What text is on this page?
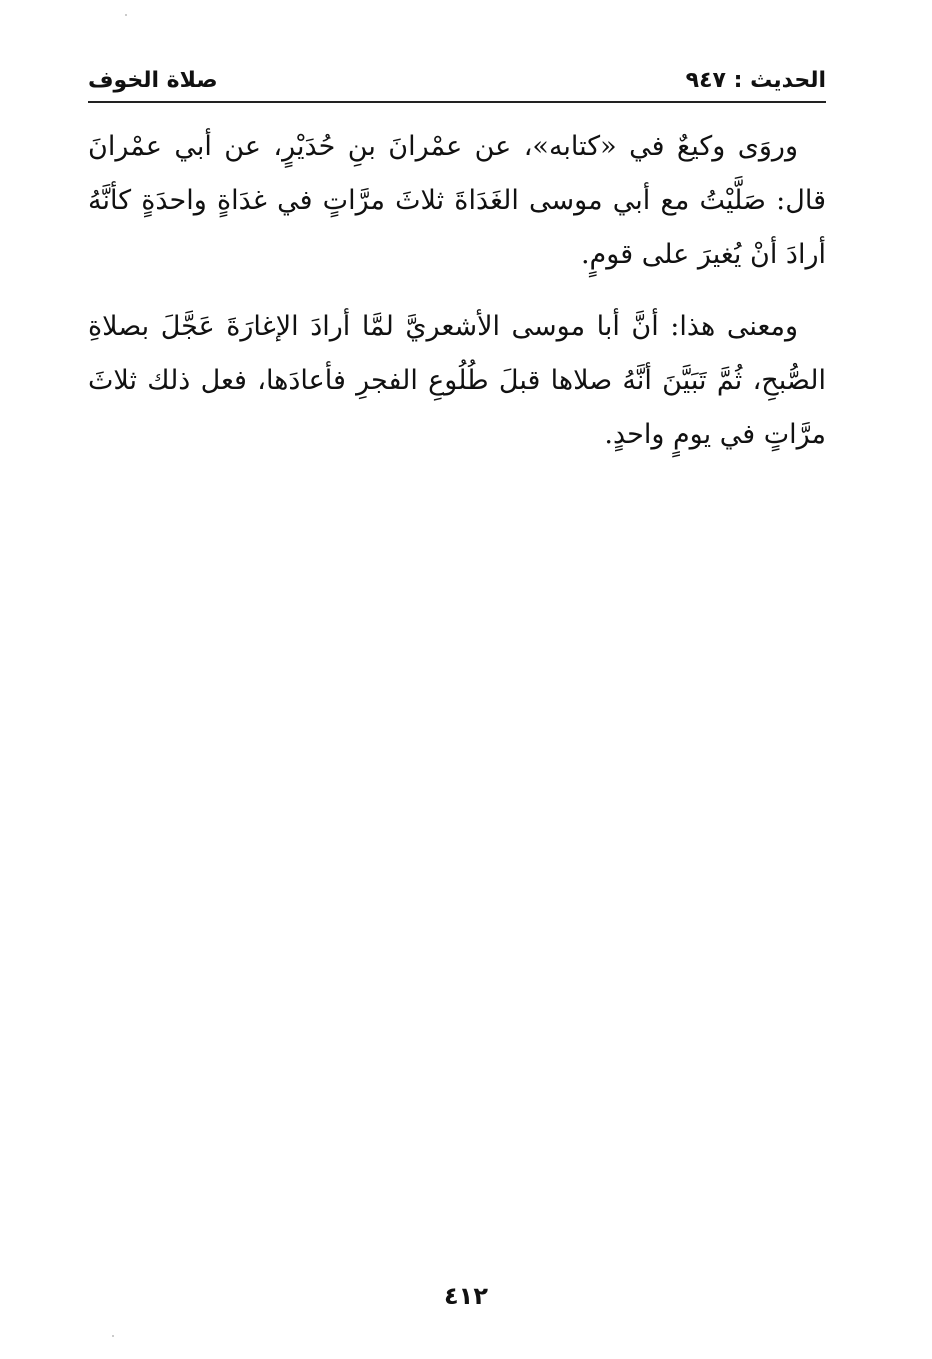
الحديث : ٩٤٧
صلاة الخوف

وروَى وكيعٌ في «كتابه»، عن عمْرانَ بنِ حُدَيْرٍ، عن أبي عمْرانَ قال: صَلَّيْتُ مع أبي موسى الغَدَاةَ ثلاثَ مرَّاتٍ في غدَاةٍ واحدَةٍ كأنَّهُ أرادَ أنْ يُغيرَ على قومٍ.

ومعنى هذا: أنَّ أبا موسى الأشعريَّ لمَّا أرادَ الإغارَةَ عَجَّلَ بصلاةِ الصُّبحِ، ثُمَّ تَبَيَّنَ أنَّهُ صلاها قبلَ طُلُوعِ الفجرِ فأعادَها، فعل ذلك ثلاثَ مرَّاتٍ في يومٍ واحدٍ.

٤١٢
